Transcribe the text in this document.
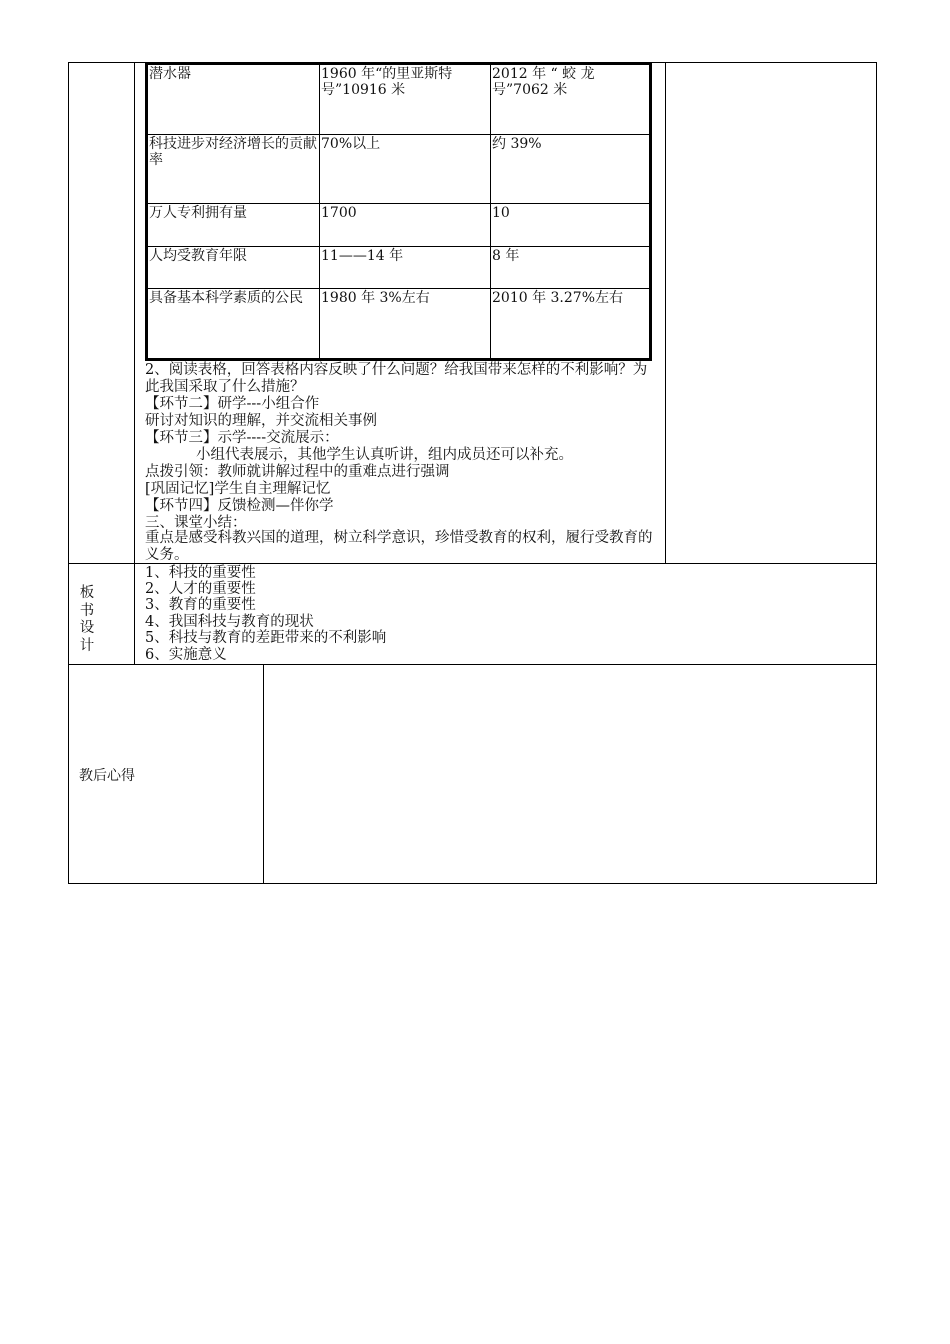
潜水器	1960 年“的里亚斯特号”10916 米	2012 年 “ 蛟 龙 号”7062 米
科技进步对经济增长的贡献率	70%以上	约 39%
万人专利拥有量	1700	10
人均受教育年限	11——14 年	8 年
具备基本科学素质的公民	1980 年 3%左右	2010 年 3.27%左右
2、阅读表格，回答表格内容反映了什么问题？给我国带来怎样的不利影响？为此我国采取了什么措施？
【环节二】研学---小组合作
研讨对知识的理解，并交流相关事例
【环节三】示学----交流展示：
小组代表展示，其他学生认真听讲，组内成员还可以补充。
点拨引领：教师就讲解过程中的重难点进行强调
[巩固记忆]学生自主理解记忆
【环节四】反馈检测—伴你学
三、课堂小结：
重点是感受科教兴国的道理，树立科学意识，珍惜受教育的权利，履行受教育的义务。
板书设计
1、科技的重要性
2、人才的重要性
3、教育的重要性
4、我国科技与教育的现状
5、科技与教育的差距带来的不利影响
6、实施意义
教后心得
